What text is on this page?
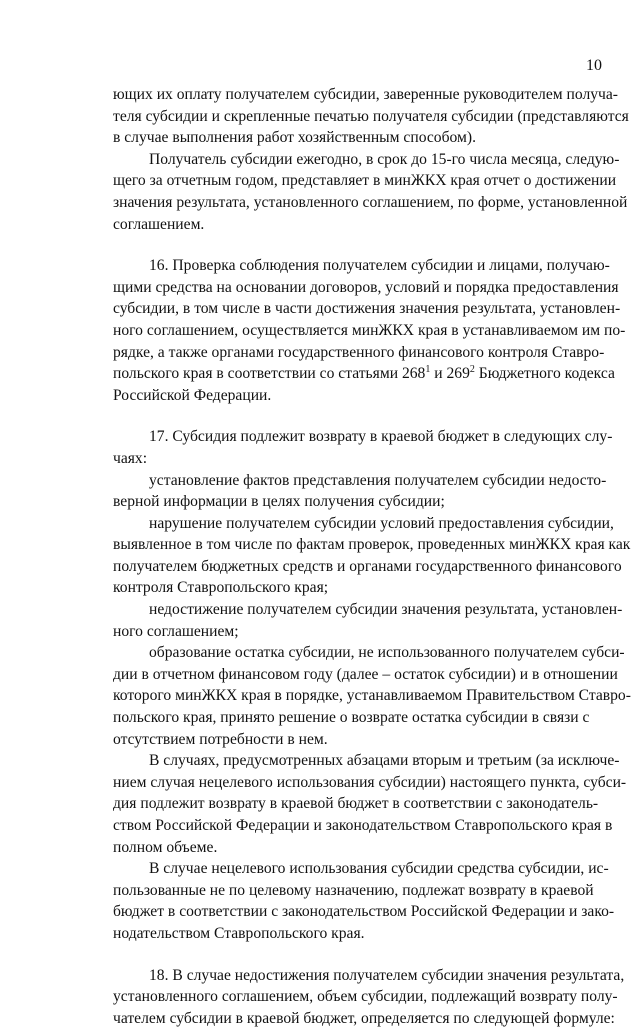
10
ющих их оплату получателем субсидии, заверенные руководителем получа-
теля субсидии и скрепленные печатью получателя субсидии (представляются
в случае выполнения работ хозяйственным способом).
Получатель субсидии ежегодно, в срок до 15-го числа месяца, следую-
щего за отчетным годом, представляет в минЖКХ края отчет о достижении
значения результата, установленного соглашением, по форме, установленной
соглашением.
16. Проверка соблюдения получателем субсидии и лицами, получаю-
щими средства на основании договоров, условий и порядка предоставления
субсидии, в том числе в части достижения значения результата, установлен-
ного соглашением, осуществляется минЖКХ края в устанавливаемом им по-
рядке, а также органами государственного финансового контроля Ставро-
польского края в соответствии со статьями $268^1$ и $269^2$ Бюджетного кодекса
Российской Федерации.
17. Субсидия подлежит возврату в краевой бюджет в следующих слу-
чаях:
установление фактов представления получателем субсидии недосто-
верной информации в целях получения субсидии;
нарушение получателем субсидии условий предоставления субсидии,
выявленное в том числе по фактам проверок, проведенных минЖКХ края как
получателем бюджетных средств и органами государственного финансового
контроля Ставропольского края;
недостижение получателем субсидии значения результата, установлен-
ного соглашением;
образование остатка субсидии, не использованного получателем субси-
дии в отчетном финансовом году (далее – остаток субсидии) и в отношении
которого минЖКХ края в порядке, устанавливаемом Правительством Ставро-
польского края, принято решение о возврате остатка субсидии в связи с
отсутствием потребности в нем.
В случаях, предусмотренных абзацами вторым и третьим (за исключе-
нием случая нецелевого использования субсидии) настоящего пункта, субси-
дия подлежит возврату в краевой бюджет в соответствии с законодатель-
ством Российской Федерации и законодательством Ставропольского края в
полном объеме.
В случае нецелевого использования субсидии средства субсидии, ис-
пользованные не по целевому назначению, подлежат возврату в краевой
бюджет в соответствии с законодательством Российской Федерации и зако-
нодательством Ставропольского края.
18. В случае недостижения получателем субсидии значения результата,
установленного соглашением, объем субсидии, подлежащий возврату полу-
чателем субсидии в краевой бюджет, определяется по следующей формуле:
